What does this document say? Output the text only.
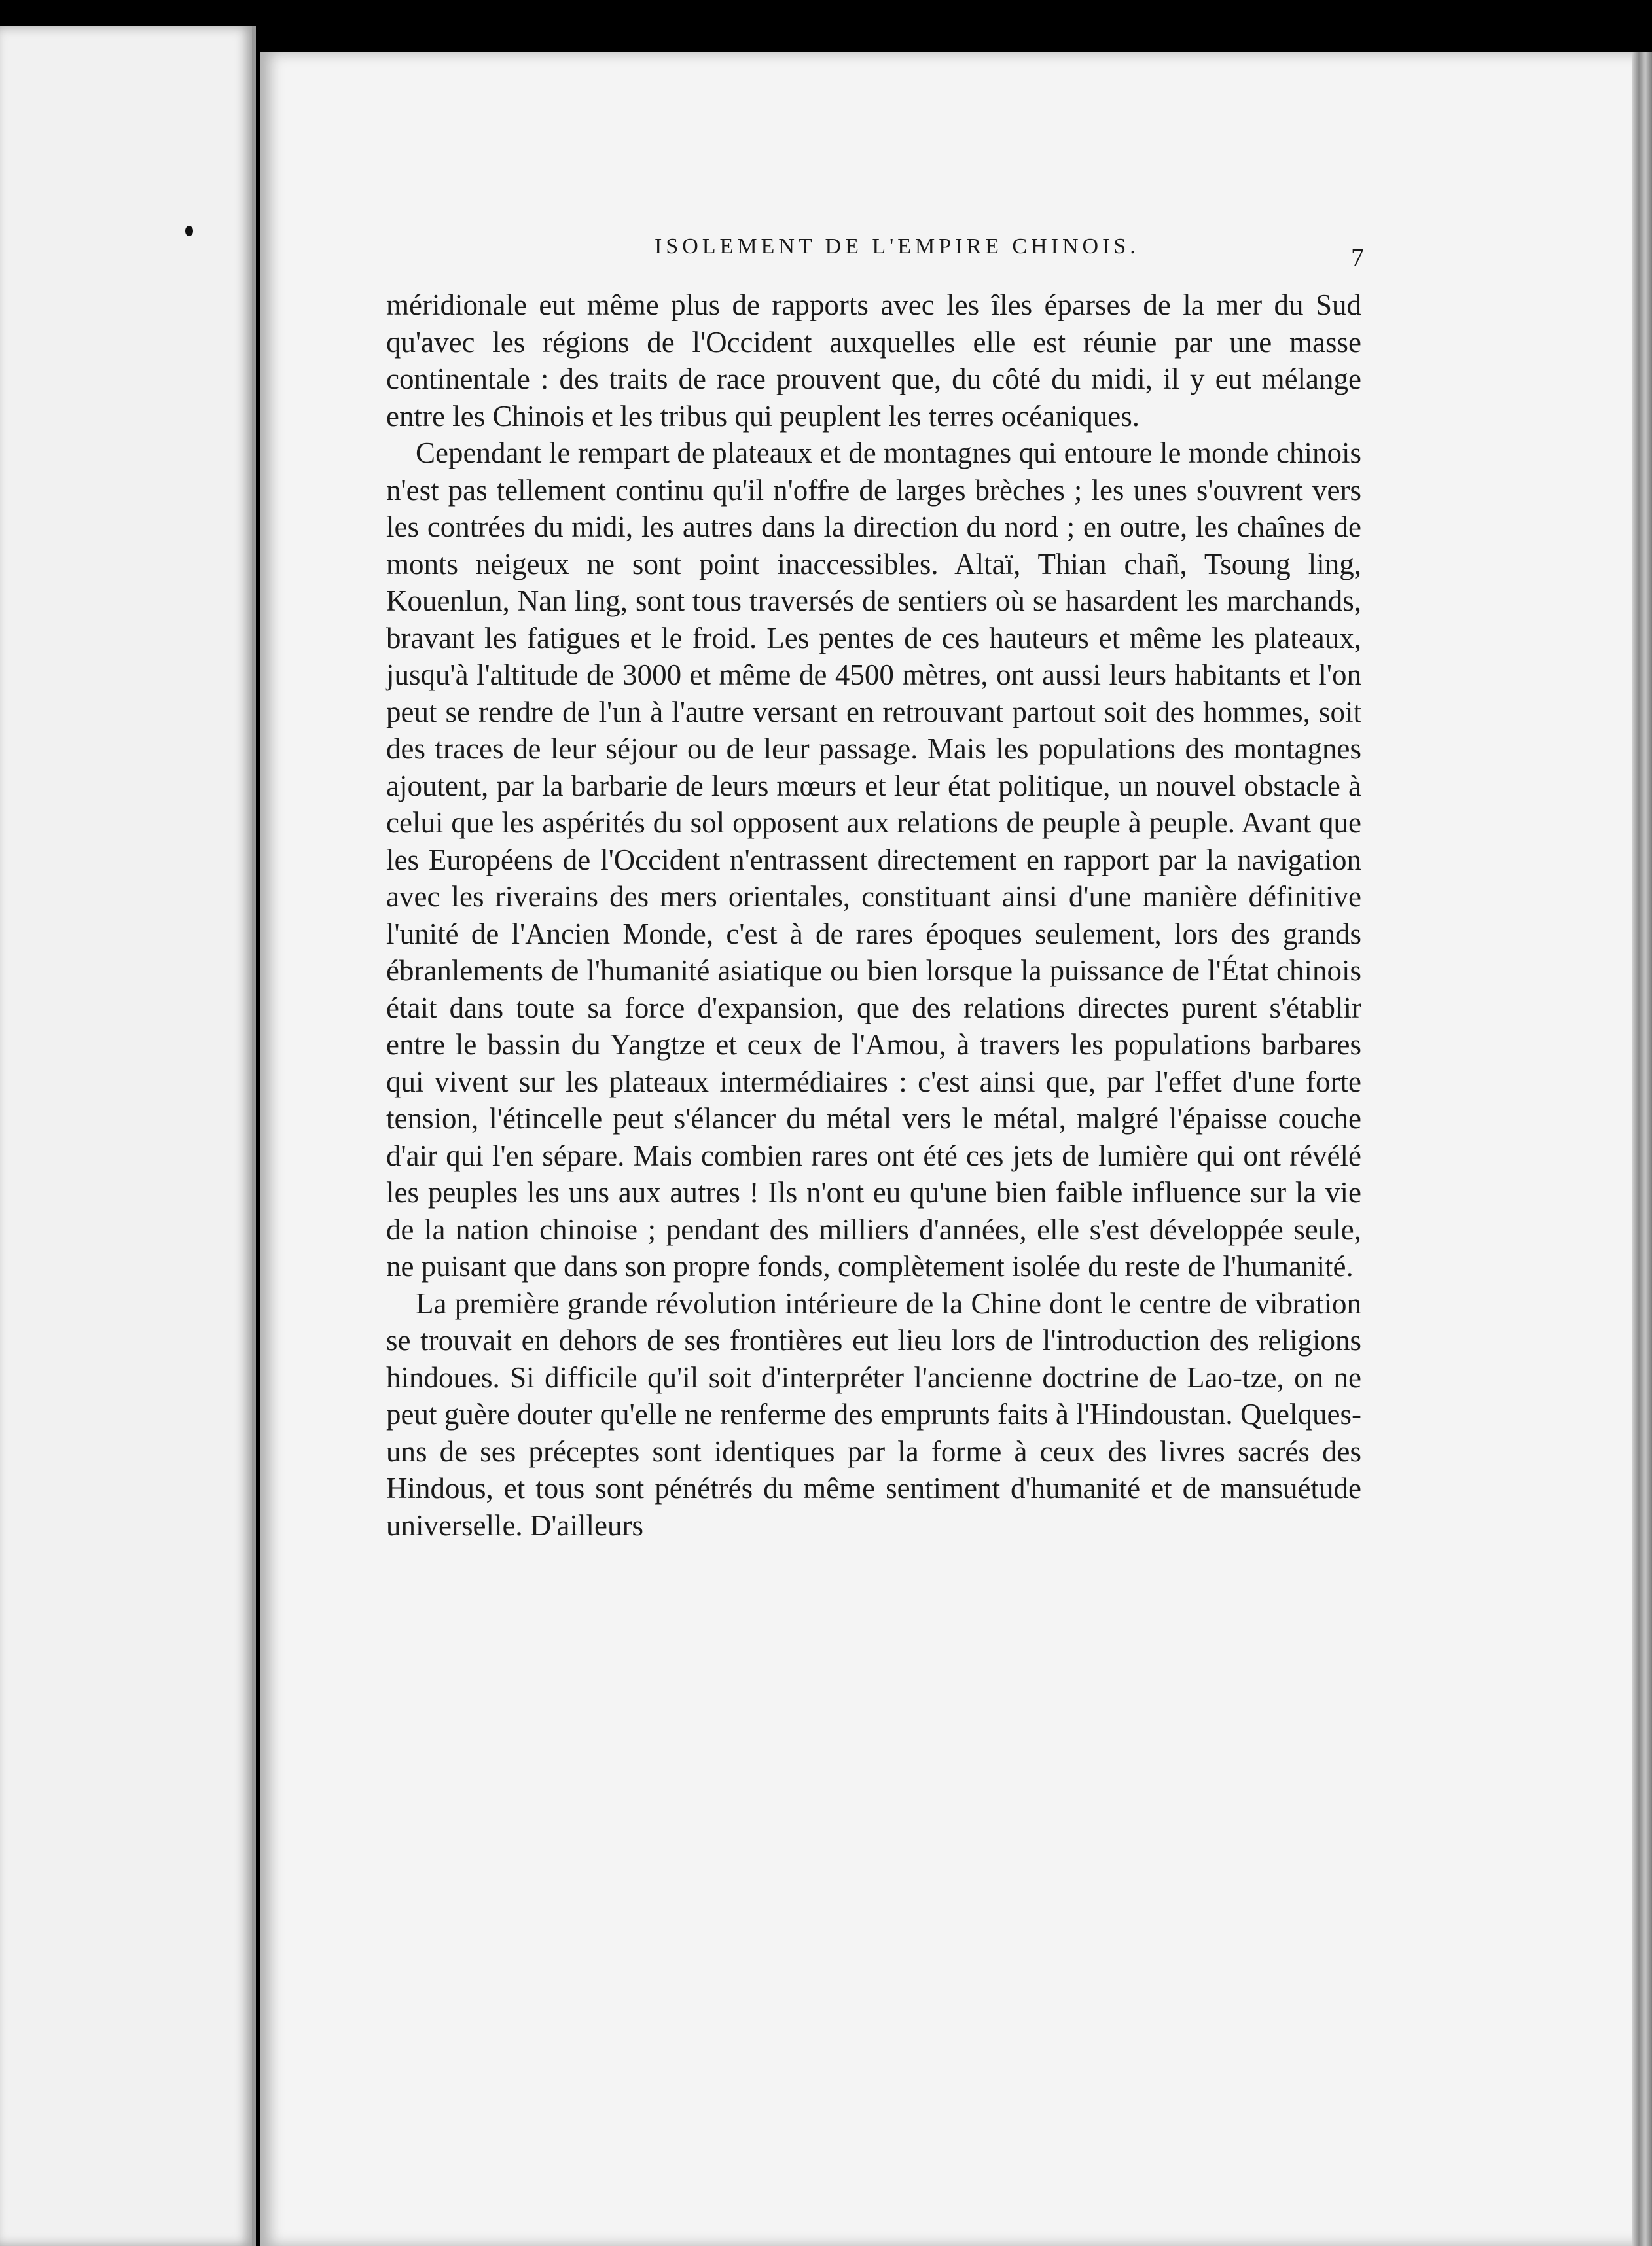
ISOLEMENT DE L'EMPIRE CHINOIS.	7

méridionale eut même plus de rapports avec les îles éparses de la mer du Sud qu'avec les régions de l'Occident auxquelles elle est réunie par une masse continentale : des traits de race prouvent que, du côté du midi, il y eut mélange entre les Chinois et les tribus qui peuplent les terres océaniques.

Cependant le rempart de plateaux et de montagnes qui entoure le monde chinois n'est pas tellement continu qu'il n'offre de larges brèches ; les unes s'ouvrent vers les contrées du midi, les autres dans la direction du nord ; en outre, les chaînes de monts neigeux ne sont point inaccessibles. Altaï, Thian chañ, Tsoung ling, Kouenlun, Nan ling, sont tous traversés de sentiers où se hasardent les marchands, bravant les fatigues et le froid. Les pentes de ces hauteurs et même les plateaux, jusqu'à l'altitude de 3000 et même de 4500 mètres, ont aussi leurs habitants et l'on peut se rendre de l'un à l'autre versant en retrouvant partout soit des hommes, soit des traces de leur séjour ou de leur passage. Mais les populations des montagnes ajoutent, par la barbarie de leurs mœurs et leur état politique, un nouvel obstacle à celui que les aspérités du sol opposent aux relations de peuple à peuple. Avant que les Européens de l'Occident n'entrassent directement en rapport par la navigation avec les riverains des mers orientales, constituant ainsi d'une manière définitive l'unité de l'Ancien Monde, c'est à de rares époques seulement, lors des grands ébranlements de l'humanité asiatique ou bien lorsque la puissance de l'État chinois était dans toute sa force d'expansion, que des relations directes purent s'établir entre le bassin du Yangtze et ceux de l'Amou, à travers les populations barbares qui vivent sur les plateaux intermédiaires : c'est ainsi que, par l'effet d'une forte tension, l'étincelle peut s'élancer du métal vers le métal, malgré l'épaisse couche d'air qui l'en sépare. Mais combien rares ont été ces jets de lumière qui ont révélé les peuples les uns aux autres ! Ils n'ont eu qu'une bien faible influence sur la vie de la nation chinoise ; pendant des milliers d'années, elle s'est développée seule, ne puisant que dans son propre fonds, complètement isolée du reste de l'humanité.

La première grande révolution intérieure de la Chine dont le centre de vibration se trouvait en dehors de ses frontières eut lieu lors de l'introduction des religions hindoues. Si difficile qu'il soit d'interpréter l'ancienne doctrine de Lao-tze, on ne peut guère douter qu'elle ne renferme des emprunts faits à l'Hindoustan. Quelques-uns de ses préceptes sont identiques par la forme à ceux des livres sacrés des Hindous, et tous sont pénétrés du même sentiment d'humanité et de mansuétude universelle. D'ailleurs
